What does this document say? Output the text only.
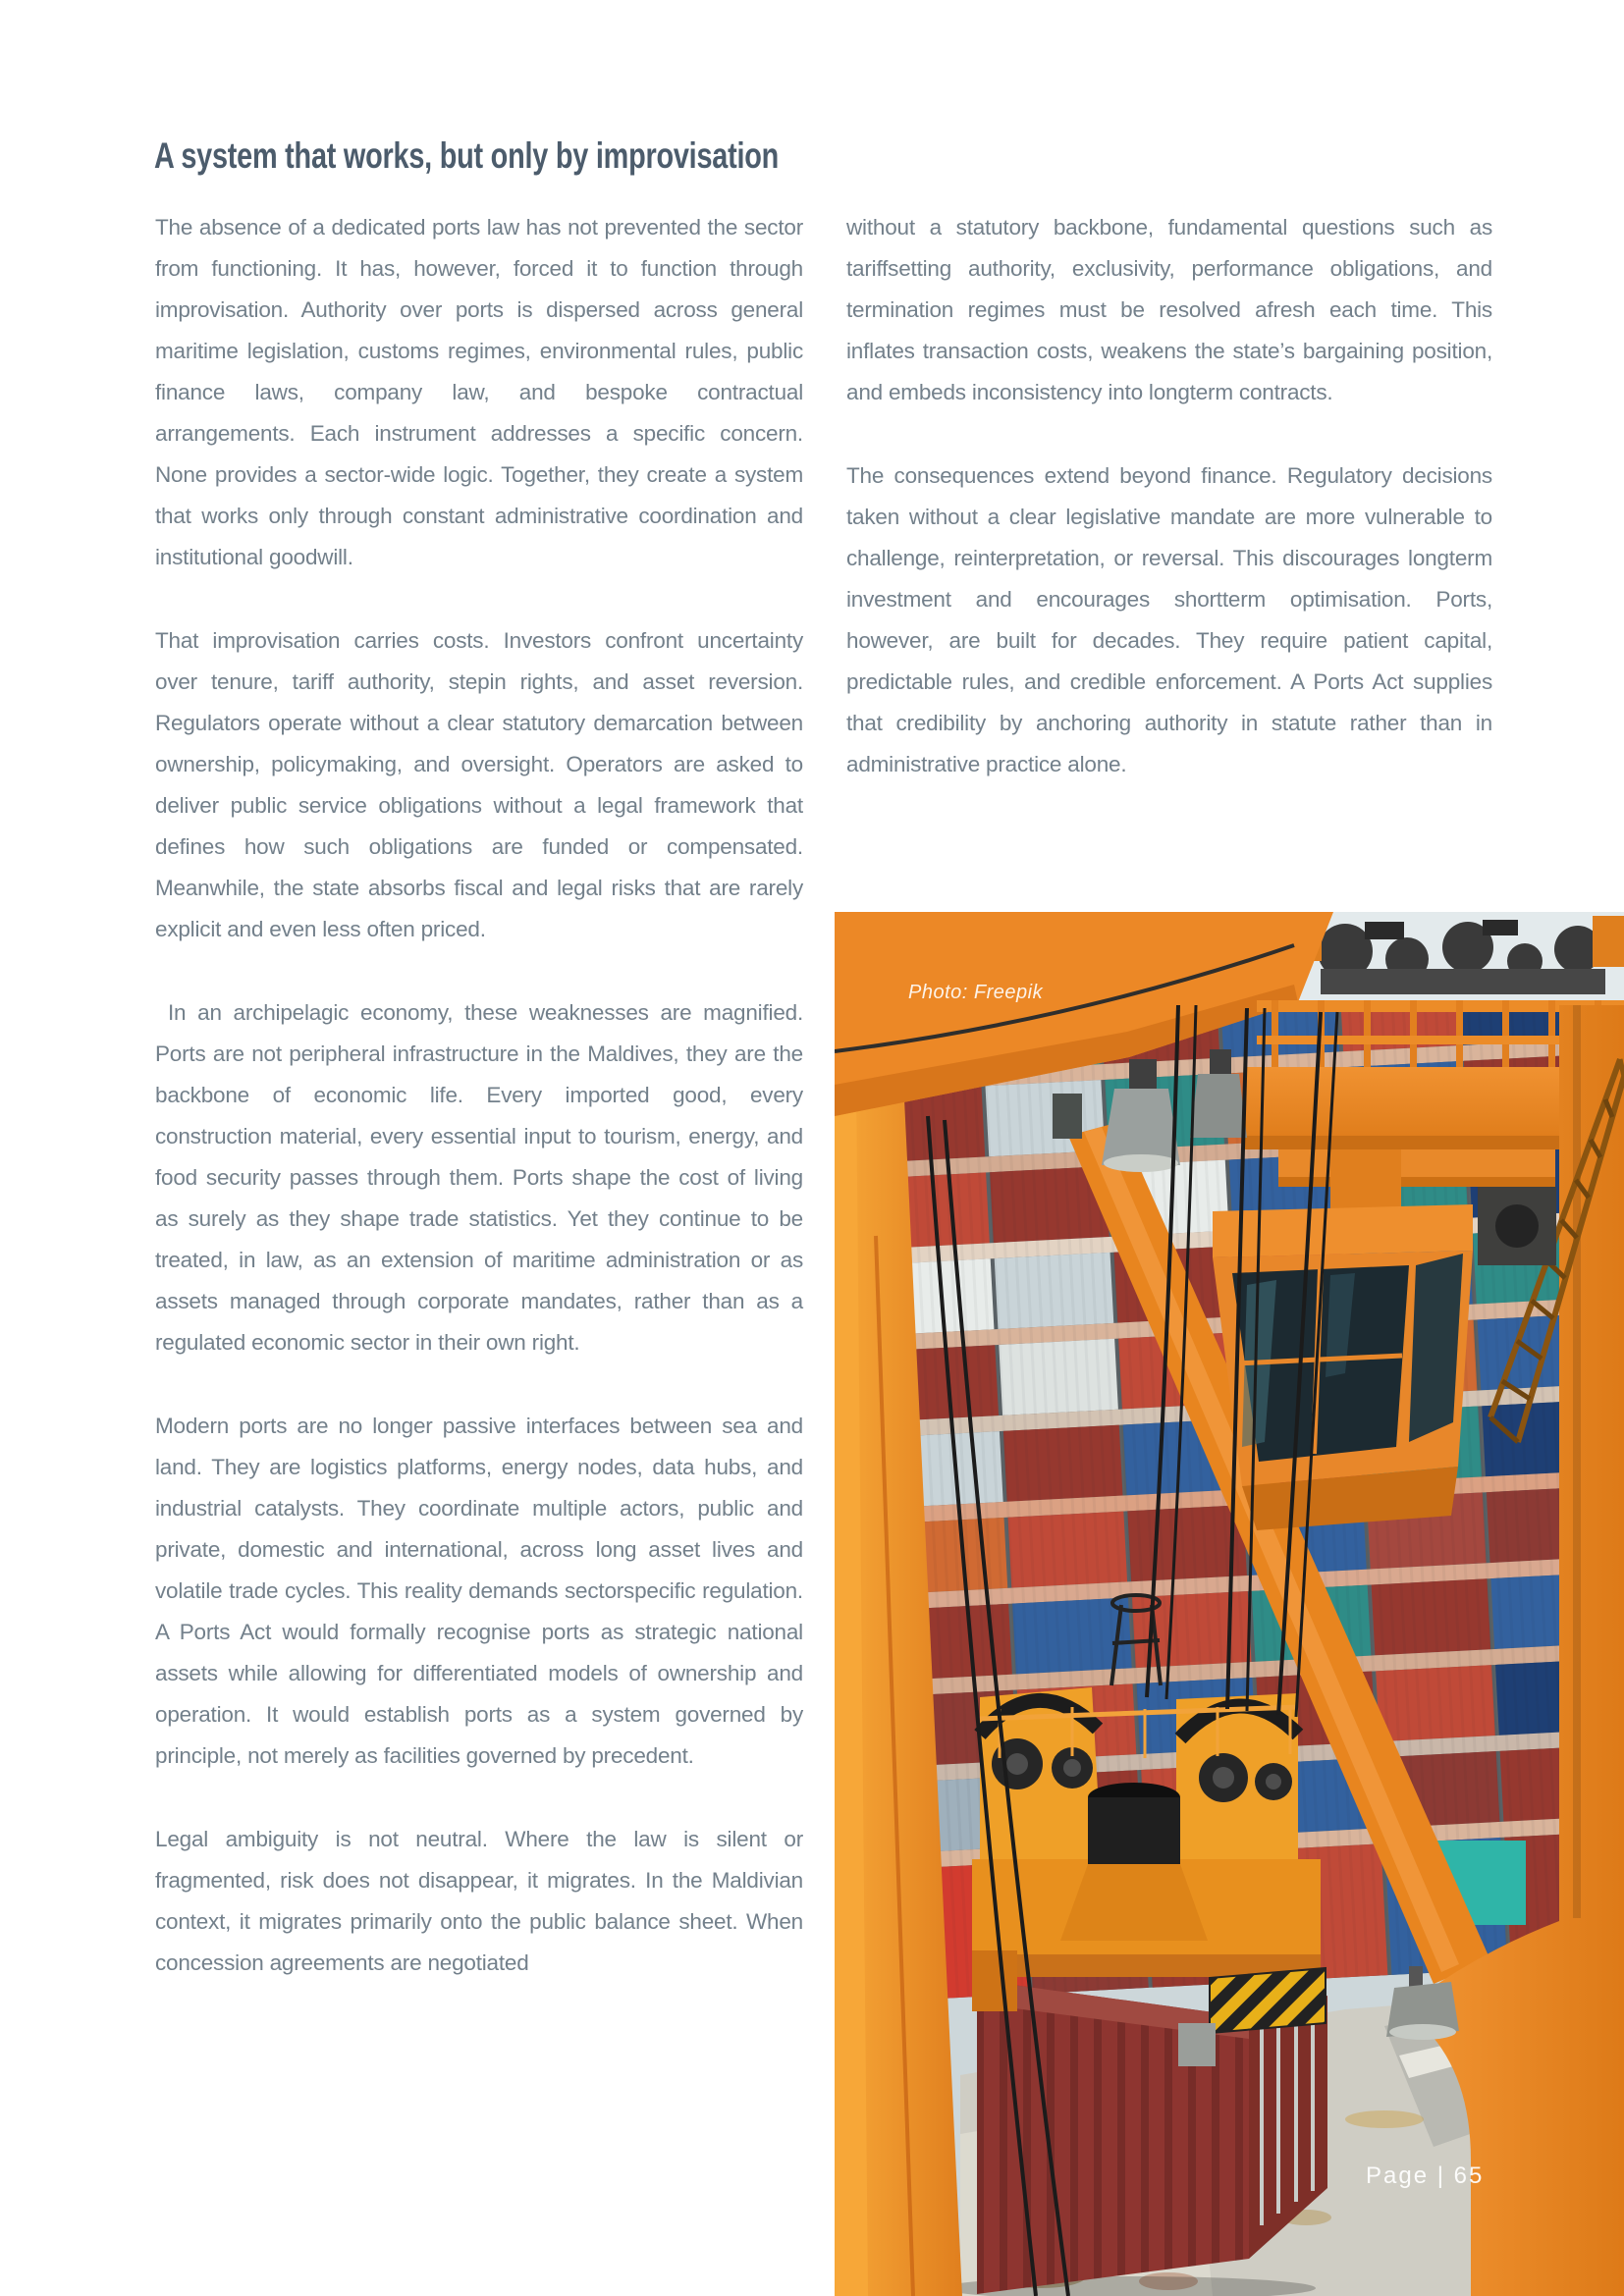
A system that works, but only by improvisation

The absence of a dedicated ports law has not prevented the sector from functioning. It has, however, forced it to function through improvisation. Authority over ports is dispersed across general maritime legislation, customs regimes, environmental rules, public finance laws, company law, and bespoke contractual arrangements. Each instrument addresses a specific concern. None provides a sector-wide logic. Together, they create a system that works only through constant administrative coordination and institutional goodwill.

That improvisation carries costs. Investors confront uncertainty over tenure, tariff authority, stepin rights, and asset reversion. Regulators operate without a clear statutory demarcation between ownership, policymaking, and oversight. Operators are asked to deliver public service obligations without a legal framework that defines how such obligations are funded or compensated. Meanwhile, the state absorbs fiscal and legal risks that are rarely explicit and even less often priced.

In an archipelagic economy, these weaknesses are magnified. Ports are not peripheral infrastructure in the Maldives, they are the backbone of economic life. Every imported good, every construction material, every essential input to tourism, energy, and food security passes through them. Ports shape the cost of living as surely as they shape trade statistics. Yet they continue to be treated, in law, as an extension of maritime administration or as assets managed through corporate mandates, rather than as a regulated economic sector in their own right.

Modern ports are no longer passive interfaces between sea and land. They are logistics platforms, energy nodes, data hubs, and industrial catalysts. They coordinate multiple actors, public and private, domestic and international, across long asset lives and volatile trade cycles. This reality demands sectorspecific regulation. A Ports Act would formally recognise ports as strategic national assets while allowing for differentiated models of ownership and operation. It would establish ports as a system governed by principle, not merely as facilities governed by precedent.

Legal ambiguity is not neutral. Where the law is silent or fragmented, risk does not disappear, it migrates. In the Maldivian context, it migrates primarily onto the public balance sheet. When concession agreements are negotiated

without a statutory backbone, fundamental questions such as tariffsetting authority, exclusivity, performance obligations, and termination regimes must be resolved afresh each time. This inflates transaction costs, weakens the state’s bargaining position, and embeds inconsistency into longterm contracts.

The consequences extend beyond finance. Regulatory decisions taken without a clear legislative mandate are more vulnerable to challenge, reinterpretation, or reversal. This discourages longterm investment and encourages shortterm optimisation. Ports, however, are built for decades. They require patient capital, predictable rules, and credible enforcement. A Ports Act supplies that credibility by anchoring authority in statute rather than in administrative practice alone.

Photo: Freepik
Page | 65
